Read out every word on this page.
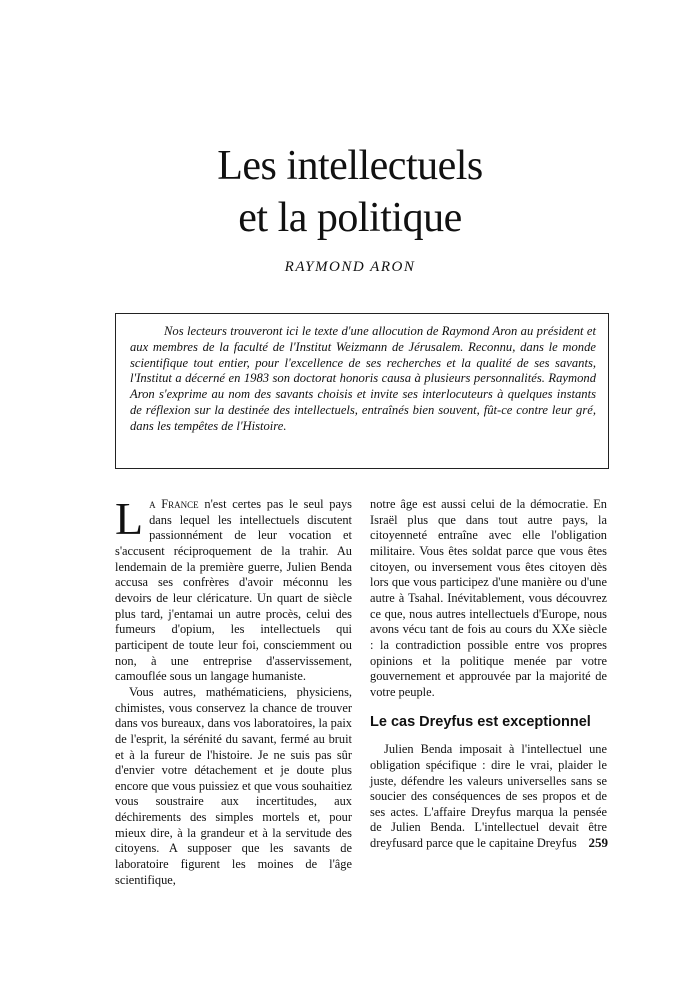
Les intellectuels
et la politique
RAYMOND ARON

Nos lecteurs trouveront ici le texte d'une allocution de Raymond Aron au président et aux membres de la faculté de l'Institut Weizmann de Jérusalem. Reconnu, dans le monde scientifique tout entier, pour l'excellence de ses recherches et la qualité de ses savants, l'Institut a décerné en 1983 son doctorat honoris causa à plusieurs personnalités. Raymond Aron s'exprime au nom des savants choisis et invite ses interlocuteurs à quelques instants de réflexion sur la destinée des intellectuels, entraînés bien souvent, fût-ce contre leur gré, dans les tempêtes de l'Histoire.

La France n'est certes pas le seul pays dans lequel les intellectuels discutent passionnément de leur vocation et s'accusent réciproquement de la trahir. Au lendemain de la première guerre, Julien Benda accusa ses confrères d'avoir méconnu les devoirs de leur cléricature. Un quart de siècle plus tard, j'entamai un autre procès, celui des fumeurs d'opium, les intellectuels qui participent de toute leur foi, consciemment ou non, à une entreprise d'asservissement, camouflée sous un langage humaniste.

Vous autres, mathématiciens, physiciens, chimistes, vous conservez la chance de trouver dans vos bureaux, dans vos laboratoires, la paix de l'esprit, la sérénité du savant, fermé au bruit et à la fureur de l'histoire. Je ne suis pas sûr d'envier votre détachement et je doute plus encore que vous puissiez et que vous souhaitiez vous soustraire aux incertitudes, aux déchirements des simples mortels et, pour mieux dire, à la grandeur et à la servitude des citoyens. A supposer que les savants de laboratoire figurent les moines de l'âge scientifique,

notre âge est aussi celui de la démocratie. En Israël plus que dans tout autre pays, la citoyenneté entraîne avec elle l'obligation militaire. Vous êtes soldat parce que vous êtes citoyen, ou inversement vous êtes citoyen dès lors que vous participez d'une manière ou d'une autre à Tsahal. Inévitablement, vous découvrez ce que, nous autres intellectuels d'Europe, nous avons vécu tant de fois au cours du XXe siècle : la contradiction possible entre vos propres opinions et la politique menée par votre gouvernement et approuvée par la majorité de votre peuple.

Le cas Dreyfus est exceptionnel

Julien Benda imposait à l'intellectuel une obligation spécifique : dire le vrai, plaider le juste, défendre les valeurs universelles sans se soucier des conséquences de ses propos et de ses actes. L'affaire Dreyfus marqua la pensée de Julien Benda. L'intellectuel devait être dreyfusard parce que le capitaine Dreyfus 259
